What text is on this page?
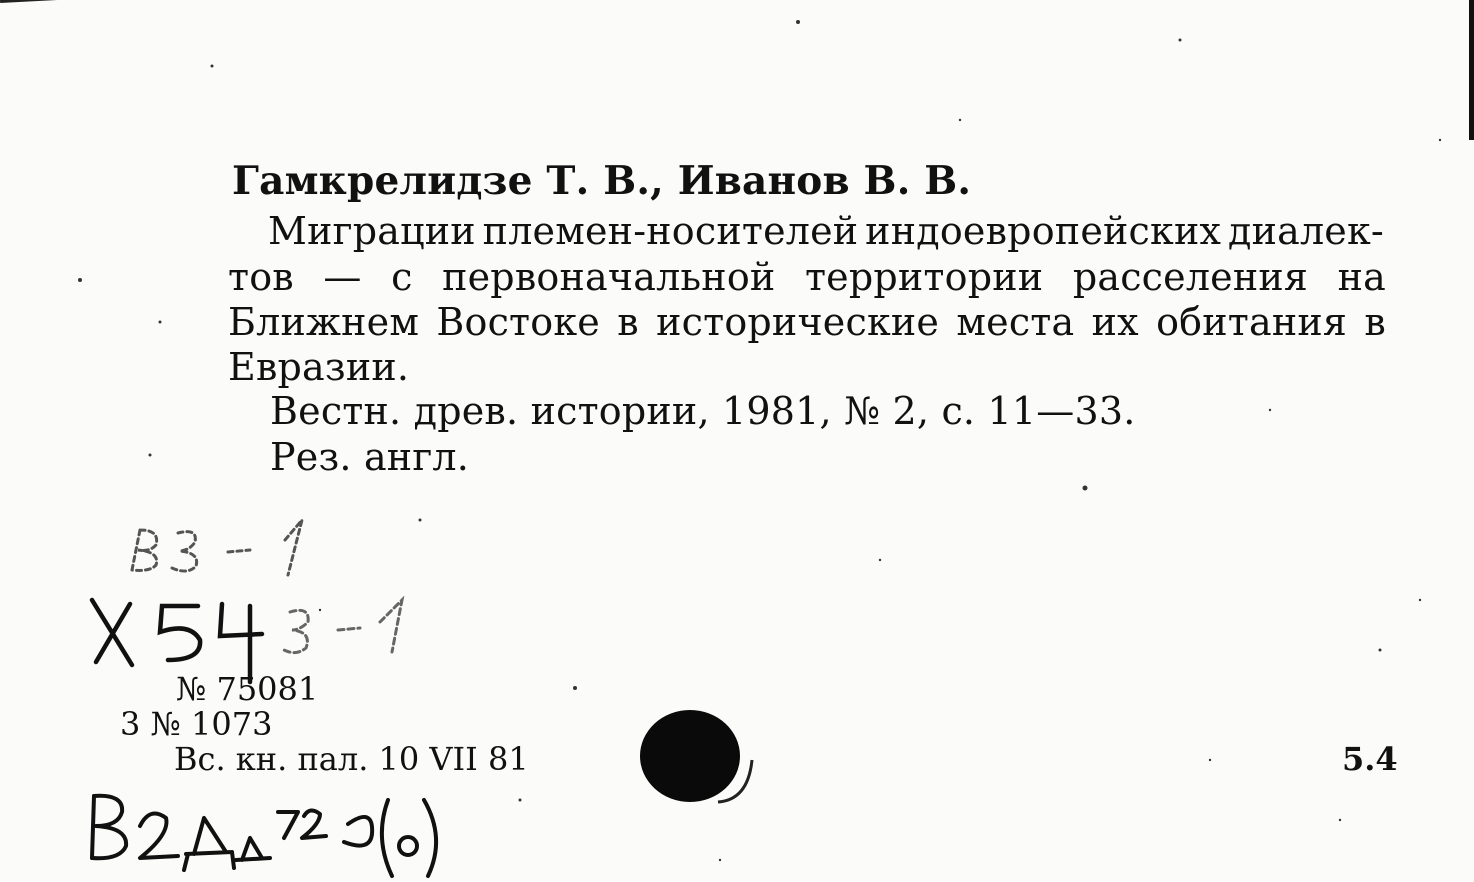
Гамкрелидзе Т. В., Иванов В. В.
Миграции племен-носителей индоевропейских диалек-
тов — с первоначальной территории расселения на
Ближнем Востоке в исторические места их обитания в
Евразии.
Вестн. древ. истории, 1981, № 2, с. 11—33.
Рез. англ.
№ 75081
3 № 1073
Вс. кн. пал. 10 VII 81	5.4
